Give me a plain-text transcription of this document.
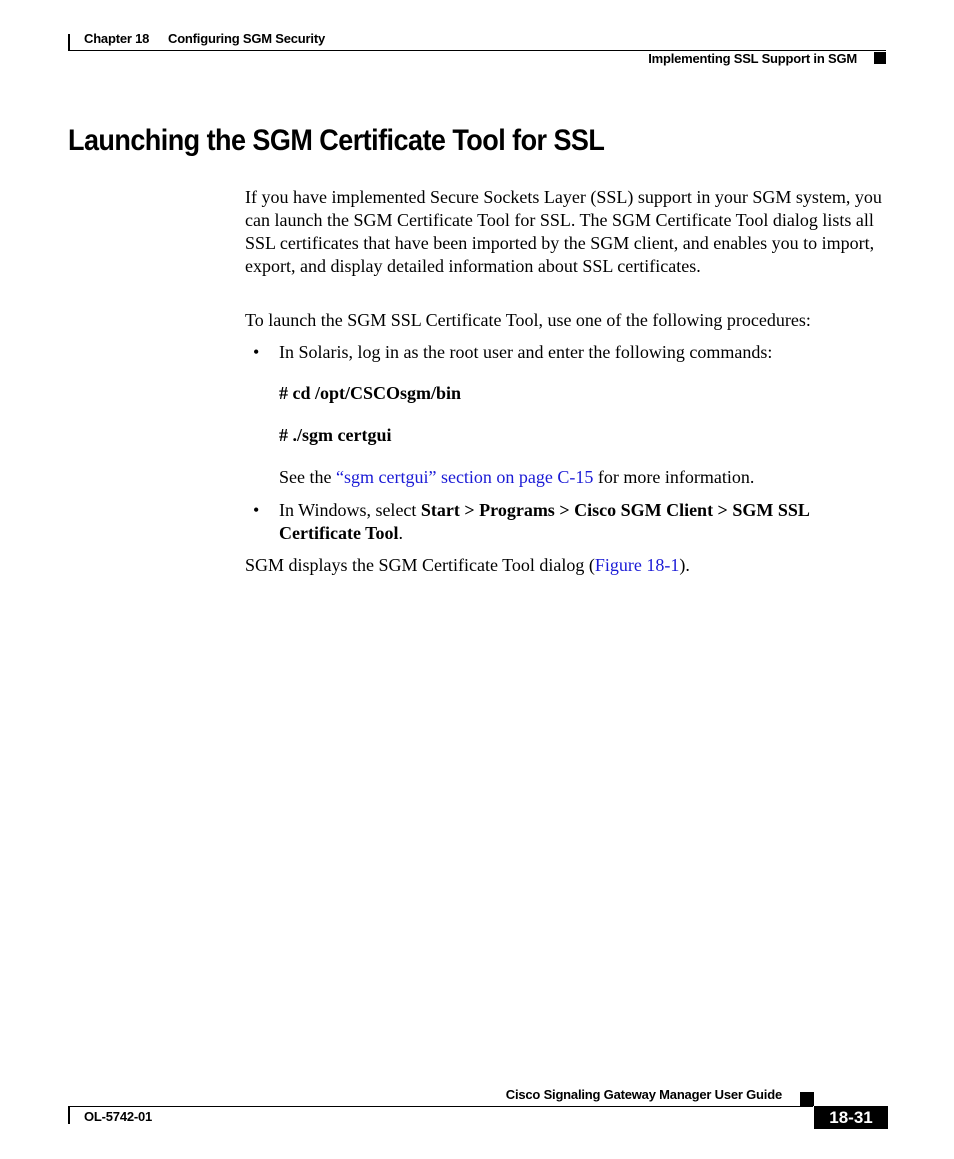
Chapter 18 Configuring SGM Security
Implementing SSL Support in SGM
Launching the SGM Certificate Tool for SSL

If you have implemented Secure Sockets Layer (SSL) support in your SGM system, you can launch the SGM Certificate Tool for SSL. The SGM Certificate Tool dialog lists all SSL certificates that have been imported by the SGM client, and enables you to import, export, and display detailed information about SSL certificates.

To launch the SGM SSL Certificate Tool, use one of the following procedures:

• In Solaris, log in as the root user and enter the following commands:
# cd /opt/CSCOsgm/bin
# ./sgm certgui
See the “sgm certgui” section on page C-15 for more information.
• In Windows, select Start > Programs > Cisco SGM Client > SGM SSL Certificate Tool.

SGM displays the SGM Certificate Tool dialog (Figure 18-1).

Cisco Signaling Gateway Manager User Guide
OL-5742-01	18-31
